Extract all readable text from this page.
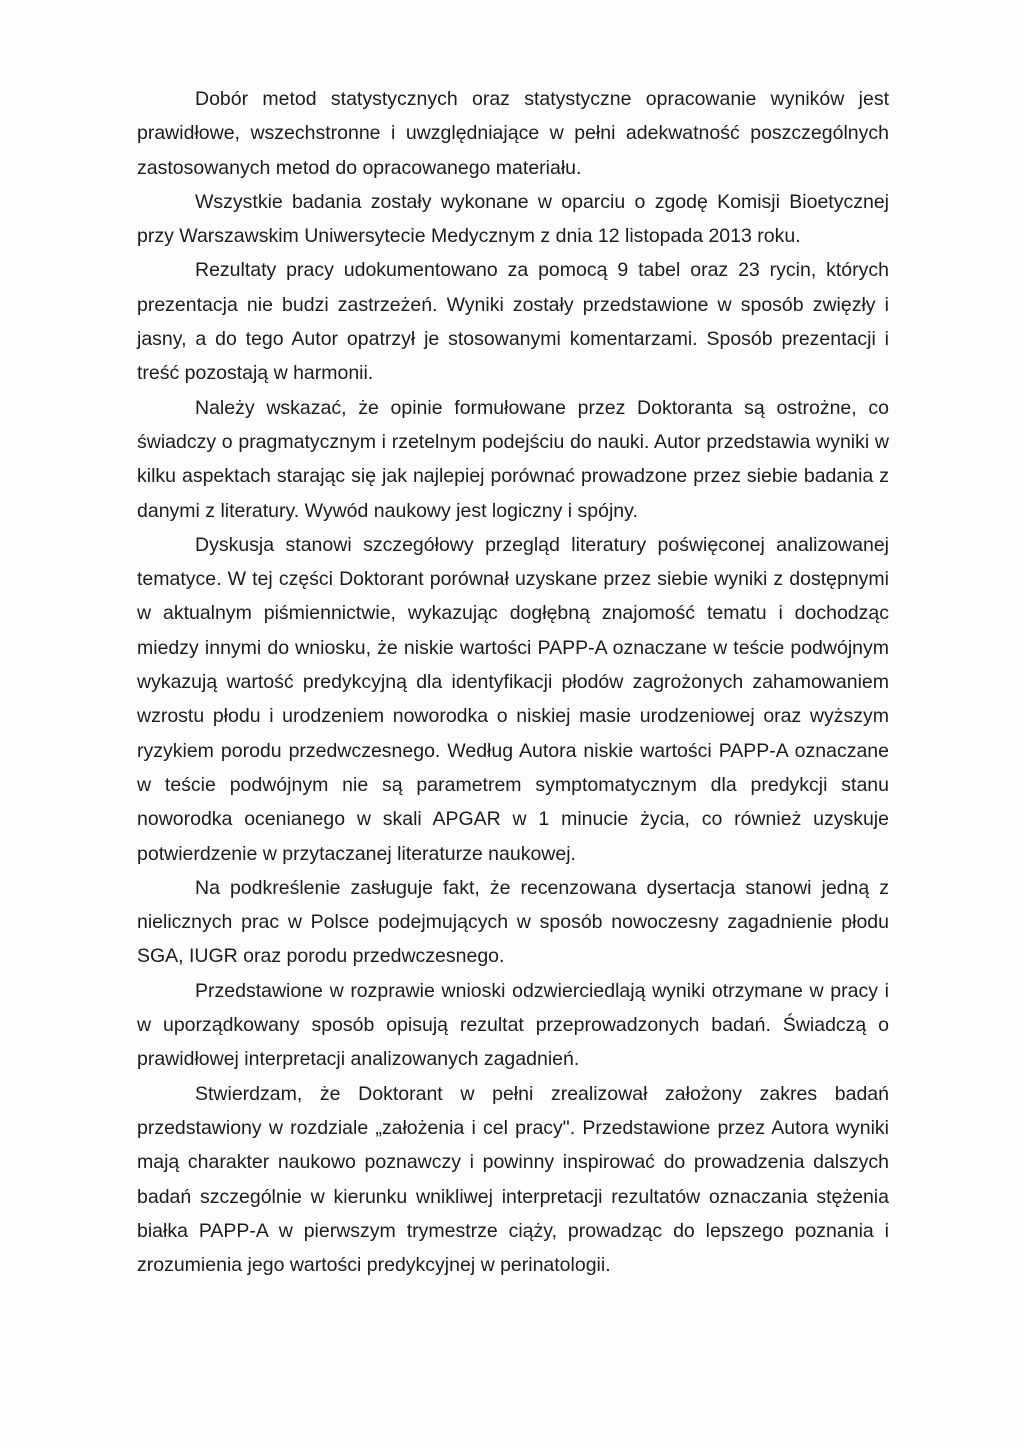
Dobór metod statystycznych oraz statystyczne opracowanie wyników jest prawidłowe, wszechstronne i uwzględniające w pełni adekwatność poszczególnych zastosowanych metod do opracowanego materiału.

Wszystkie badania zostały wykonane w oparciu o zgodę Komisji Bioetycznej przy Warszawskim Uniwersytecie Medycznym z dnia 12 listopada 2013 roku.

Rezultaty pracy udokumentowano za pomocą 9 tabel oraz 23 rycin, których prezentacja nie budzi zastrzeżeń. Wyniki zostały przedstawione w sposób zwięzły i jasny, a do tego Autor opatrzył je stosowanymi komentarzami. Sposób prezentacji i treść pozostają w harmonii.

Należy wskazać, że opinie formułowane przez Doktoranta są ostrożne, co świadczy o pragmatycznym i rzetelnym podejściu do nauki. Autor przedstawia wyniki w kilku aspektach starając się jak najlepiej porównać prowadzone przez siebie badania z danymi z literatury. Wywód naukowy jest logiczny i spójny.

Dyskusja stanowi szczegółowy przegląd literatury poświęconej analizowanej tematyce. W tej części Doktorant porównał uzyskane przez siebie wyniki z dostępnymi w aktualnym piśmiennictwie, wykazując dogłębną znajomość tematu i dochodząc miedzy innymi do wniosku, że niskie wartości PAPP-A oznaczane w teście podwójnym wykazują wartość predykcyjną dla identyfikacji płodów zagrożonych zahamowaniem wzrostu płodu i urodzeniem noworodka o niskiej masie urodzeniowej oraz wyższym ryzykiem porodu przedwczesnego. Według Autora niskie wartości PAPP-A oznaczane w teście podwójnym nie są parametrem symptomatycznym dla predykcji stanu noworodka ocenianego w skali APGAR w 1 minucie życia, co również uzyskuje potwierdzenie w przytaczanej literaturze naukowej.

Na podkreślenie zasługuje fakt, że recenzowana dysertacja stanowi jedną z nielicznych prac w Polsce podejmujących w sposób nowoczesny zagadnienie płodu SGA, IUGR oraz porodu przedwczesnego.

Przedstawione w rozprawie wnioski odzwierciedlają wyniki otrzymane w pracy i w uporządkowany sposób opisują rezultat przeprowadzonych badań. Świadczą o prawidłowej interpretacji analizowanych zagadnień.

Stwierdzam, że Doktorant w pełni zrealizował założony zakres badań przedstawiony w rozdziale „założenia i cel pracy". Przedstawione przez Autora wyniki mają charakter naukowo poznawczy i powinny inspirować do prowadzenia dalszych badań szczególnie w kierunku wnikliwej interpretacji rezultatów oznaczania stężenia białka PAPP-A w pierwszym trymestrze ciąży, prowadząc do lepszego poznania i zrozumienia jego wartości predykcyjnej w perinatologii.
